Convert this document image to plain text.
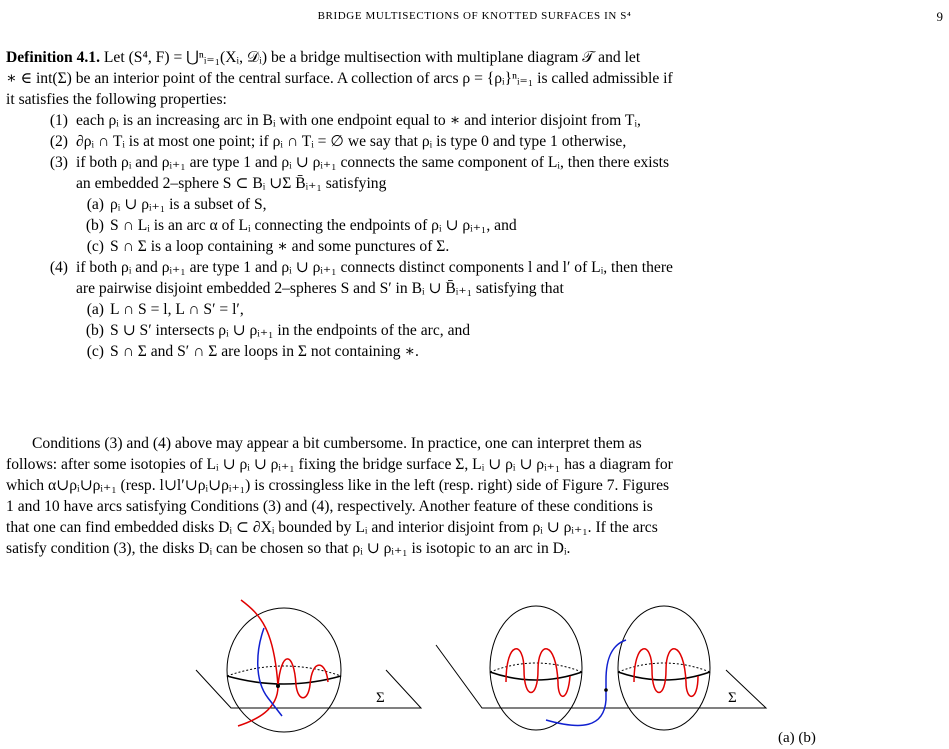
BRIDGE MULTISECTIONS OF KNOTTED SURFACES IN S⁴	9
Definition 4.1. Let (S⁴, F) = ⋃ⁿᵢ₌₁(Xᵢ, 𝒟ᵢ) be a bridge multisection with multiplane diagram 𝒯 and let
∗ ∈ int(Σ) be an interior point of the central surface. A collection of arcs ρ = {ρᵢ}ⁿᵢ₌₁ is called admissible if
it satisfies the following properties:
(1) each ρᵢ is an increasing arc in Bᵢ with one endpoint equal to ∗ and interior disjoint from Tᵢ,
(2) ∂ρᵢ ∩ Tᵢ is at most one point; if ρᵢ ∩ Tᵢ = ∅ we say that ρᵢ is type 0 and type 1 otherwise,
(3) if both ρᵢ and ρᵢ₊₁ are type 1 and ρᵢ ∪ ρᵢ₊₁ connects the same component of Lᵢ, then there exists
an embedded 2–sphere S ⊂ Bᵢ ∪Σ B̄ᵢ₊₁ satisfying
(a) ρᵢ ∪ ρᵢ₊₁ is a subset of S,
(b) S ∩ Lᵢ is an arc α of Lᵢ connecting the endpoints of ρᵢ ∪ ρᵢ₊₁, and
(c) S ∩ Σ is a loop containing ∗ and some punctures of Σ.
(4) if both ρᵢ and ρᵢ₊₁ are type 1 and ρᵢ ∪ ρᵢ₊₁ connects distinct components l and l′ of Lᵢ, then there
are pairwise disjoint embedded 2–spheres S and S′ in Bᵢ ∪ B̄ᵢ₊₁ satisfying that
(a) L ∩ S = l, L ∩ S′ = l′,
(b) S ∪ S′ intersects ρᵢ ∪ ρᵢ₊₁ in the endpoints of the arc, and
(c) S ∩ Σ and S′ ∩ Σ are loops in Σ not containing ∗.
Conditions (3) and (4) above may appear a bit cumbersome. In practice, one can interpret them as
follows: after some isotopies of Lᵢ ∪ ρᵢ ∪ ρᵢ₊₁ fixing the bridge surface Σ, Lᵢ ∪ ρᵢ ∪ ρᵢ₊₁ has a diagram for
which α∪ρᵢ∪ρᵢ₊₁ (resp. l∪l′∪ρᵢ∪ρᵢ₊₁) is crossingless like in the left (resp. right) side of Figure 7. Figures
1 and 10 have arcs satisfying Conditions (3) and (4), respectively. Another feature of these conditions is
that one can find embedded disks Dᵢ ⊂ ∂Xᵢ bounded by Lᵢ and interior disjoint from ρᵢ ∪ ρᵢ₊₁. If the arcs
satisfy condition (3), the disks Dᵢ can be chosen so that ρᵢ ∪ ρᵢ₊₁ is isotopic to an arc in Dᵢ.
Σ	Σ
(a) (b)
